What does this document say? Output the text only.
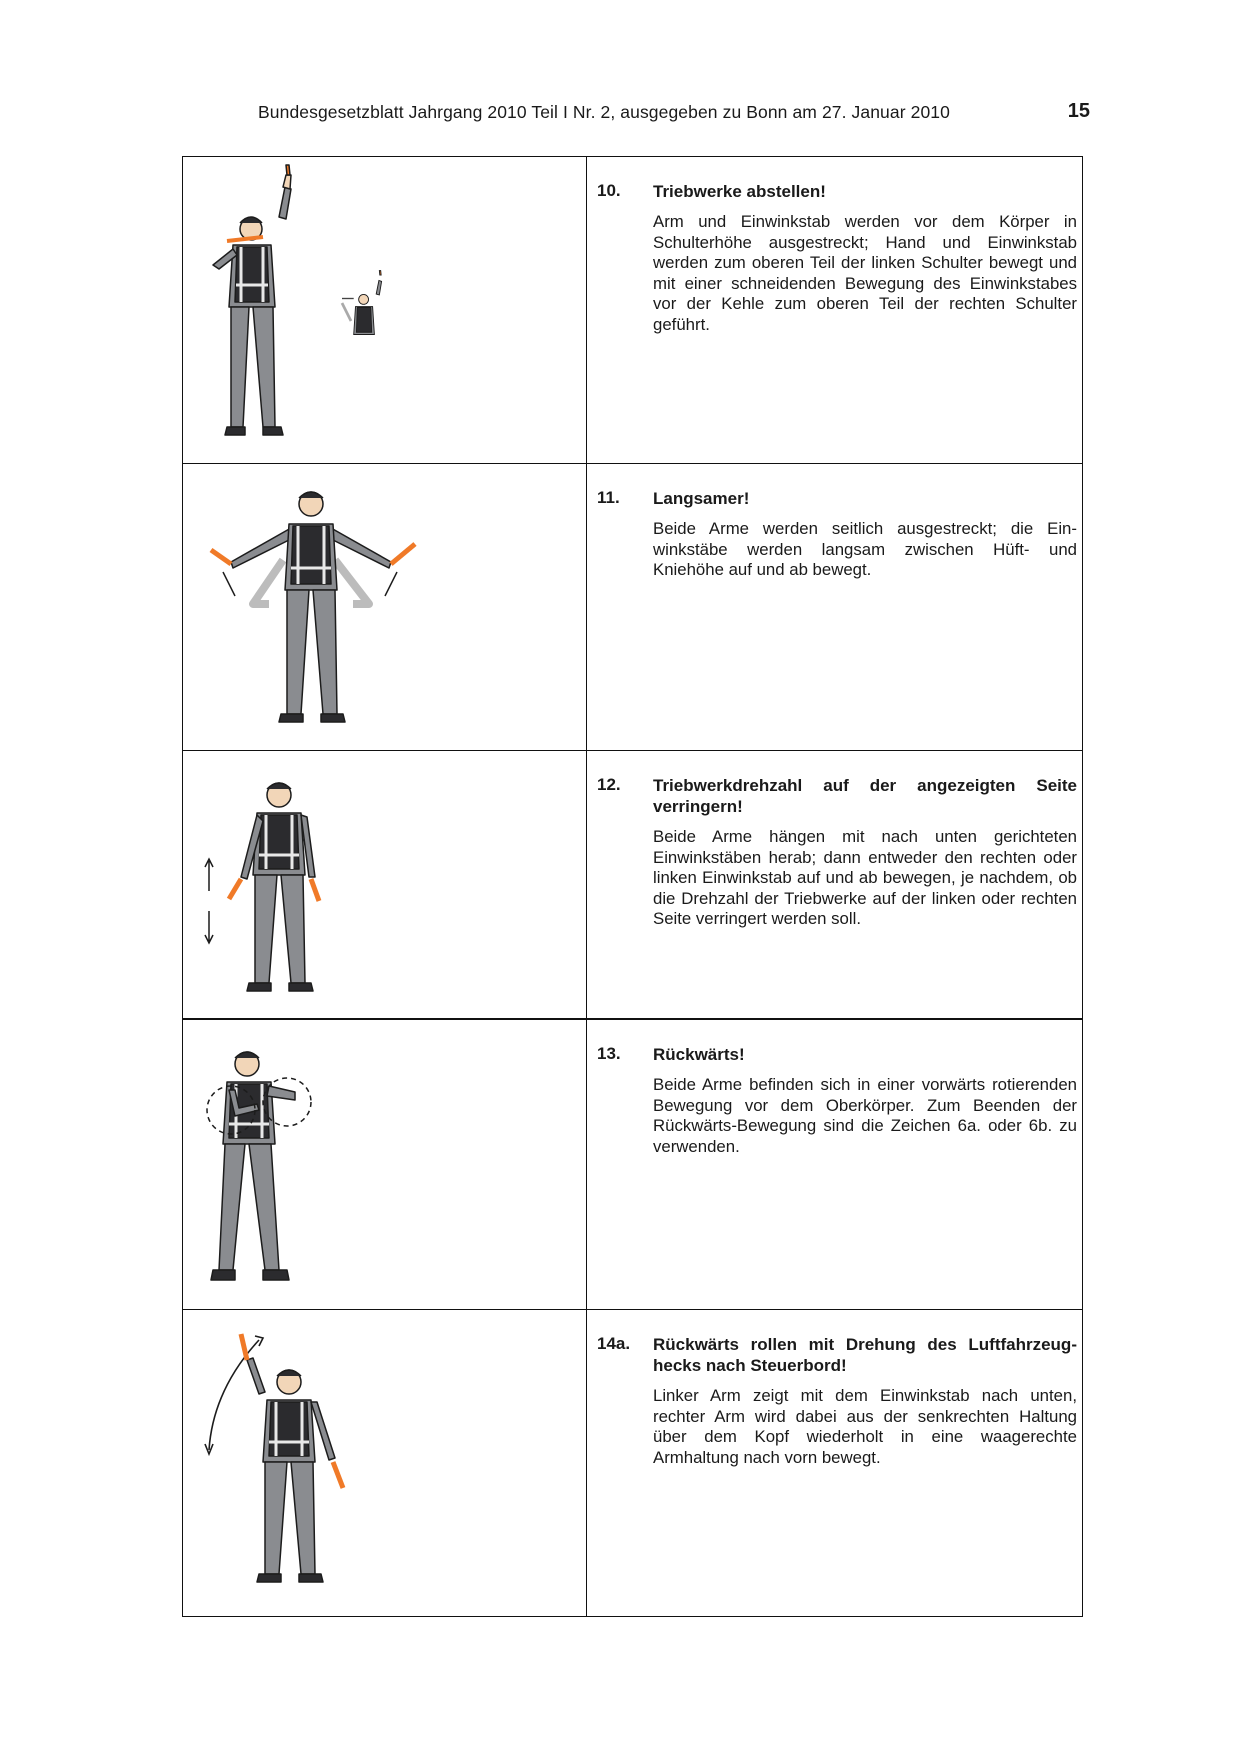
Bundesgesetzblatt Jahrgang 2010 Teil I Nr. 2, ausgegeben zu Bonn am 27. Januar 2010	15
10. Triebwerke abstellen!
Arm und Einwinkstab werden vor dem Körper in Schulterhöhe ausgestreckt; Hand und Einwinkstab werden zum oberen Teil der linken Schulter bewegt und mit einer schneidenden Bewegung des Einwinkstabes vor der Kehle zum oberen Teil der rechten Schulter geführt.
11. Langsamer!
Beide Arme werden seitlich ausgestreckt; die Einwinkstäbe werden langsam zwischen Hüft- und Kniehöhe auf und ab bewegt.
12. Triebwerkdrehzahl auf der angezeigten Seite verringern!
Beide Arme hängen mit nach unten gerichteten Einwinkstäben herab; dann entweder den rechten oder linken Einwinkstab auf und ab bewegen, je nachdem, ob die Drehzahl der Triebwerke auf der linken oder rechten Seite verringert werden soll.
13. Rückwärts!
Beide Arme befinden sich in einer vorwärts rotierenden Bewegung vor dem Oberkörper. Zum Beenden der Rückwärts-Bewegung sind die Zeichen 6a. oder 6b. zu verwenden.
14a. Rückwärts rollen mit Drehung des Luftfahrzeughecks nach Steuerbord!
Linker Arm zeigt mit dem Einwinkstab nach unten, rechter Arm wird dabei aus der senkrechten Haltung über dem Kopf wiederholt in eine waagerechte Armhaltung nach vorn bewegt.
